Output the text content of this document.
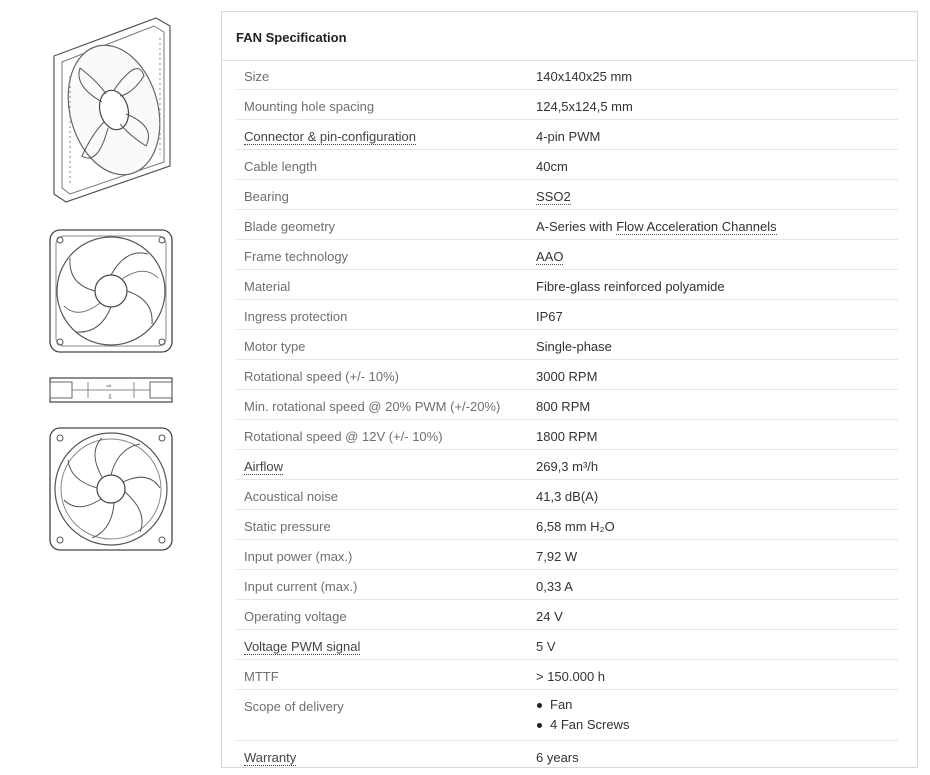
⇨
⇩
FAN Specification
Size	140x140x25 mm
Mounting hole spacing	124,5x124,5 mm
Connector & pin-configuration	4-pin PWM
Cable length	40cm
Bearing	SSO2
Blade geometry	A-Series with Flow Acceleration Channels
Frame technology	AAO
Material	Fibre-glass reinforced polyamide
Ingress protection	IP67
Motor type	Single-phase
Rotational speed (+/- 10%)	3000 RPM
Min. rotational speed @ 20% PWM (+/-20%)	800 RPM
Rotational speed @ 12V (+/- 10%)	1800 RPM
Airflow	269,3 m³/h
Acoustical noise	41,3 dB(A)
Static pressure	6,58 mm H₂O
Input power (max.)	7,92 W
Input current (max.)	0,33 A
Operating voltage	24 V
Voltage PWM signal	5 V
MTTF	> 150.000 h
Scope of delivery	Fan
4 Fan Screws
Warranty	6 years
